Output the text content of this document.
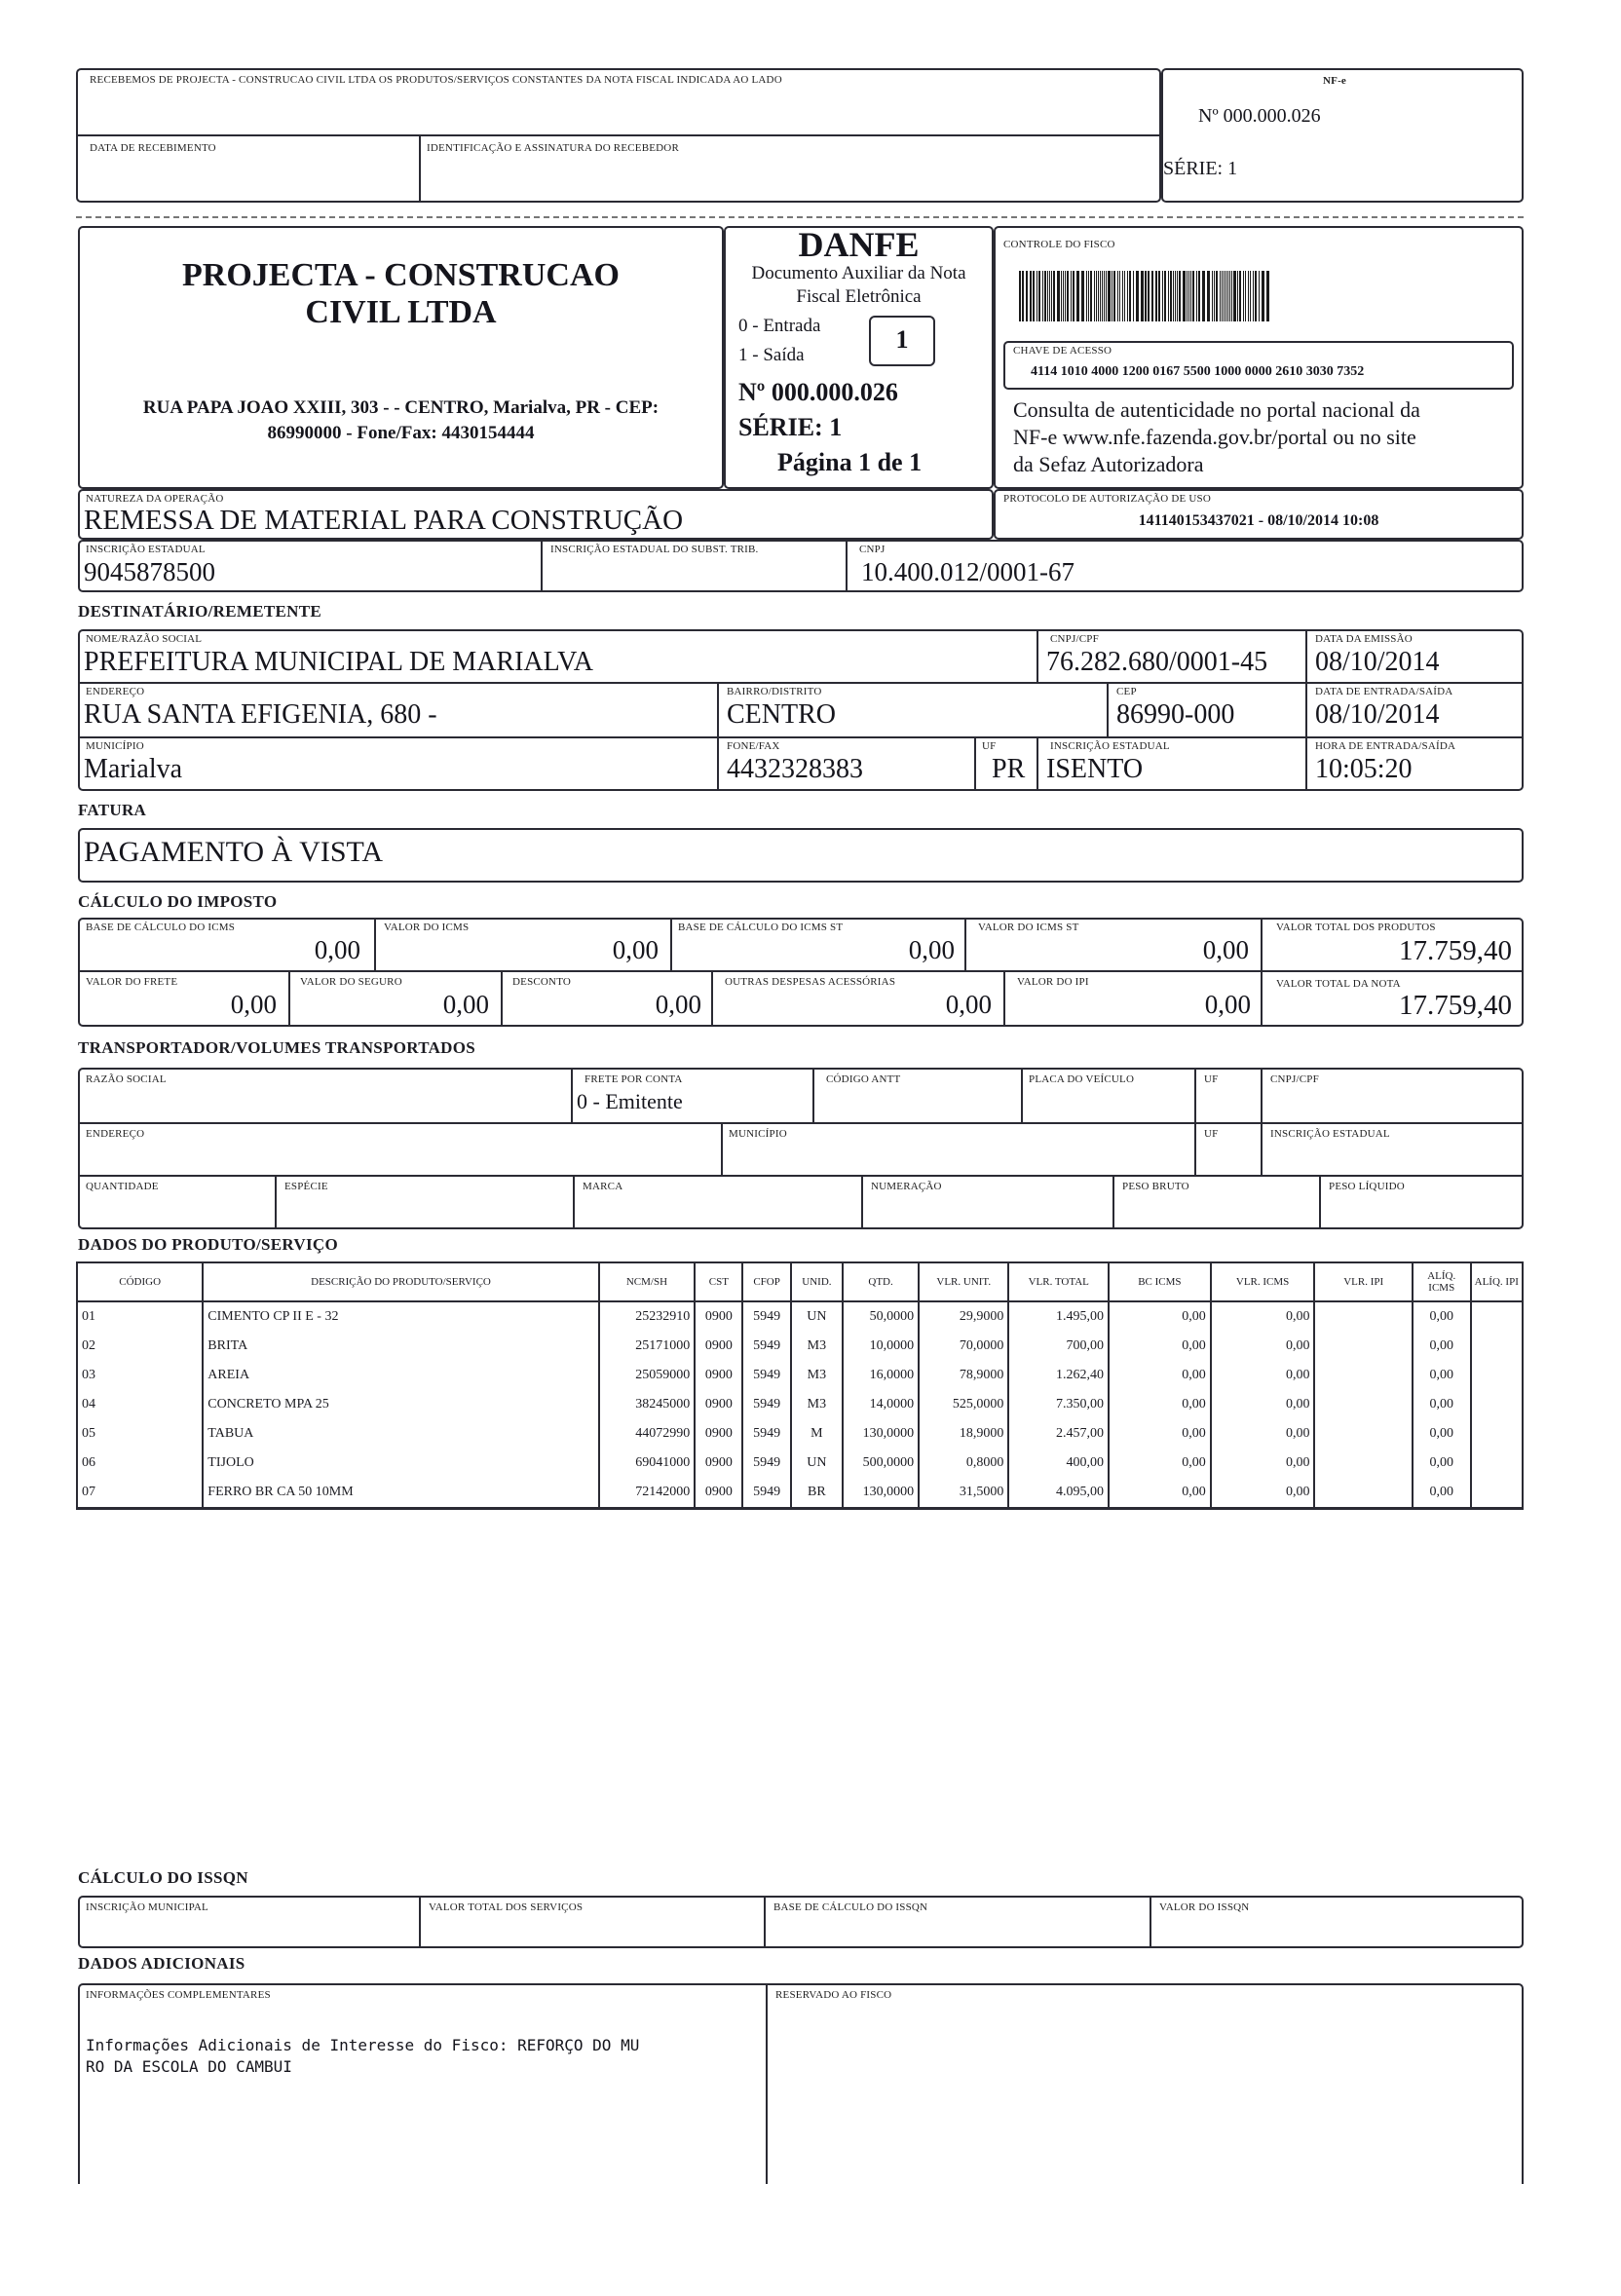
RECEBEMOS DE PROJECTA - CONSTRUCAO CIVIL LTDA OS PRODUTOS/SERVIÇOS CONSTANTES DA NOTA FISCAL INDICADA AO LADO
DATA DE RECEBIMENTO	IDENTIFICAÇÃO E ASSINATURA DO RECEBEDOR
NF-e
Nº 000.000.026
SÉRIE: 1
PROJECTA - CONSTRUCAO
CIVIL LTDA
RUA PAPA JOAO XXIII, 303 - - CENTRO, Marialva, PR - CEP:
86990000 - Fone/Fax: 4430154444
DANFE
Documento Auxiliar da Nota
Fiscal Eletrônica
0 - Entrada
1 - Saída
1
Nº 000.000.026
SÉRIE: 1
Página 1 de 1
CONTROLE DO FISCO
CHAVE DE ACESSO
4114 1010 4000 1200 0167 5500 1000 0000 2610 3030 7352
Consulta de autenticidade no portal nacional da
NF-e www.nfe.fazenda.gov.br/portal ou no site
da Sefaz Autorizadora
NATUREZA DA OPERAÇÃO
REMESSA DE MATERIAL PARA CONSTRUÇÃO
PROTOCOLO DE AUTORIZAÇÃO DE USO
141140153437021 - 08/10/2014 10:08
INSCRIÇÃO ESTADUAL
9045878500
INSCRIÇÃO ESTADUAL DO SUBST. TRIB.	CNPJ
10.400.012/0001-67
DESTINATÁRIO/REMETENTE
NOME/RAZÃO SOCIAL
PREFEITURA MUNICIPAL DE MARIALVA
CNPJ/CPF
76.282.680/0001-45
DATA DA EMISSÃO
08/10/2014
ENDEREÇO
RUA SANTA EFIGENIA, 680 -
BAIRRO/DISTRITO
CENTRO
CEP
86990-000
DATA DE ENTRADA/SAÍDA
08/10/2014
MUNICÍPIO
Marialva
FONE/FAX
4432328383
UF
PR
INSCRIÇÃO ESTADUAL
ISENTO
HORA DE ENTRADA/SAÍDA
10:05:20
FATURA
PAGAMENTO À VISTA
CÁLCULO DO IMPOSTO
BASE DE CÁLCULO DO ICMS
0,00
VALOR DO ICMS
0,00
BASE DE CÁLCULO DO ICMS ST
0,00
VALOR DO ICMS ST
0,00
VALOR TOTAL DOS PRODUTOS
17.759,40
VALOR DO FRETE
0,00
VALOR DO SEGURO
0,00
DESCONTO
0,00
OUTRAS DESPESAS ACESSÓRIAS
0,00
VALOR DO IPI
0,00
VALOR TOTAL DA NOTA
17.759,40
TRANSPORTADOR/VOLUMES TRANSPORTADOS
RAZÃO SOCIAL	FRETE POR CONTA
0 - Emitente
CÓDIGO ANTT	PLACA DO VEÍCULO	UF	CNPJ/CPF
ENDEREÇO	MUNICÍPIO	UF	INSCRIÇÃO ESTADUAL
QUANTIDADE	ESPÉCIE	MARCA	NUMERAÇÃO	PESO BRUTO	PESO LÍQUIDO
DADOS DO PRODUTO/SERVIÇO
CÓDIGO	DESCRIÇÃO DO PRODUTO/SERVIÇO	NCM/SH	CST	CFOP	UNID.	QTD.	VLR. UNIT.	VLR. TOTAL	BC ICMS	VLR. ICMS	VLR. IPI	ALÍQ. ICMS	ALÍQ. IPI
01	CIMENTO CP II E - 32	25232910	0900	5949	UN	50,0000	29,9000	1.495,00	0,00	0,00		0,00	
02	BRITA	25171000	0900	5949	M3	10,0000	70,0000	700,00	0,00	0,00		0,00	
03	AREIA	25059000	0900	5949	M3	16,0000	78,9000	1.262,40	0,00	0,00		0,00	
04	CONCRETO MPA 25	38245000	0900	5949	M3	14,0000	525,0000	7.350,00	0,00	0,00		0,00	
05	TABUA	44072990	0900	5949	M	130,0000	18,9000	2.457,00	0,00	0,00		0,00	
06	TIJOLO	69041000	0900	5949	UN	500,0000	0,8000	400,00	0,00	0,00		0,00	
07	FERRO BR CA 50 10MM	72142000	0900	5949	BR	130,0000	31,5000	4.095,00	0,00	0,00		0,00	
CÁLCULO DO ISSQN
INSCRIÇÃO MUNICIPAL	VALOR TOTAL DOS SERVIÇOS	BASE DE CÁLCULO DO ISSQN	VALOR DO ISSQN
DADOS ADICIONAIS
INFORMAÇÕES COMPLEMENTARES
Informações Adicionais de Interesse do Fisco: REFORÇO DO MU
RO DA ESCOLA DO CAMBUI
RESERVADO AO FISCO
